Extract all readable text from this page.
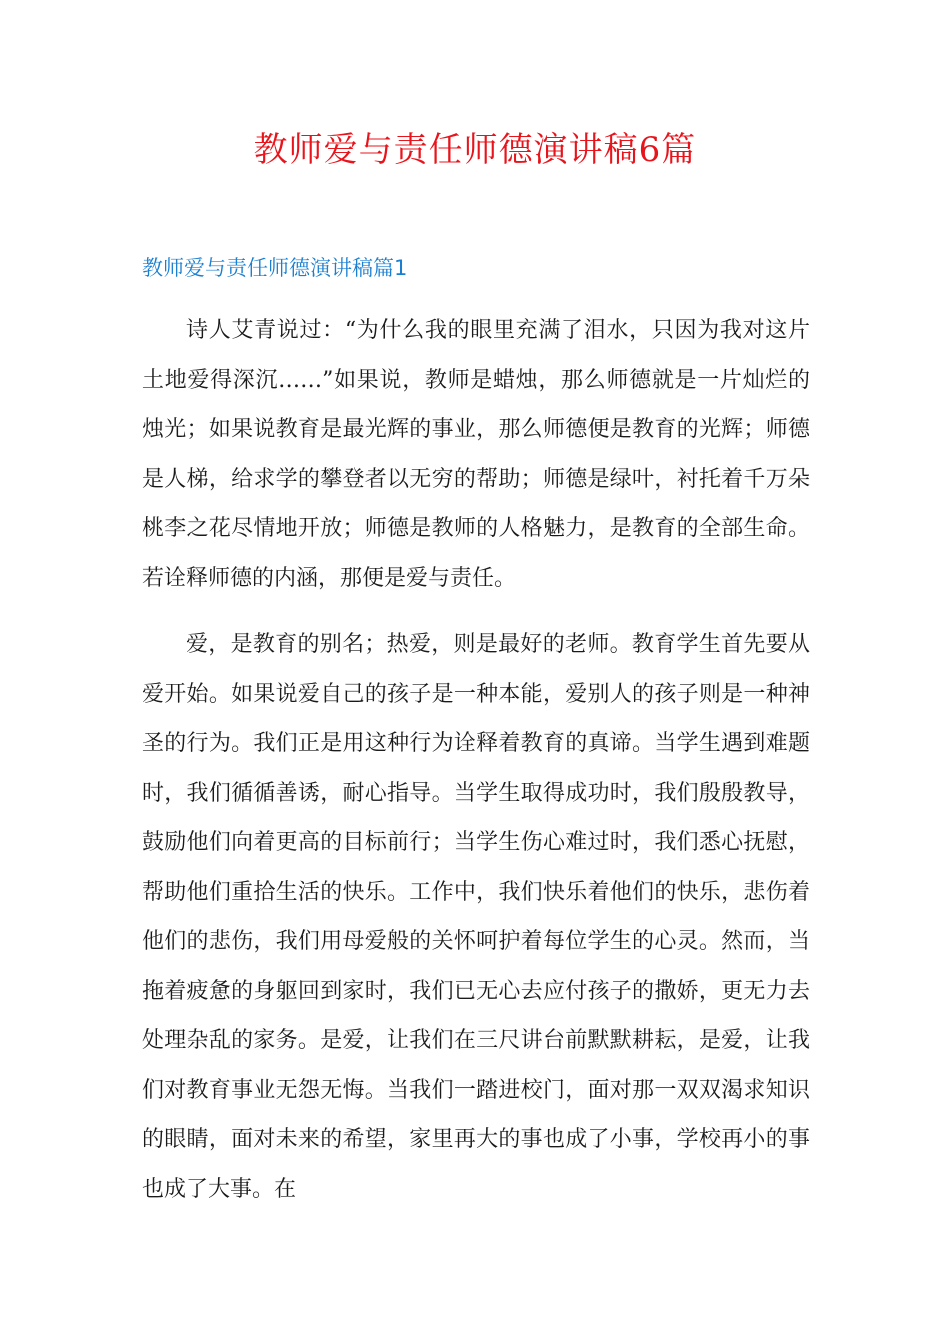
教师爱与责任师德演讲稿6篇
教师爱与责任师德演讲稿篇1

诗人艾青说过：“为什么我的眼里充满了泪水，只因为我对这片土地爱得深沉……”如果说，教师是蜡烛，那么师德就是一片灿烂的烛光；如果说教育是最光辉的事业，那么师德便是教育的光辉；师德是人梯，给求学的攀登者以无穷的帮助；师德是绿叶，衬托着千万朵桃李之花尽情地开放；师德是教师的人格魅力，是教育的全部生命。若诠释师德的内涵，那便是爱与责任。

爱，是教育的别名；热爱，则是最好的老师。教育学生首先要从爱开始。如果说爱自己的孩子是一种本能，爱别人的孩子则是一种神圣的行为。我们正是用这种行为诠释着教育的真谛。当学生遇到难题时，我们循循善诱，耐心指导。当学生取得成功时，我们殷殷教导，鼓励他们向着更高的目标前行；当学生伤心难过时，我们悉心抚慰，帮助他们重拾生活的快乐。工作中，我们快乐着他们的快乐，悲伤着他们的悲伤，我们用母爱般的关怀呵护着每位学生的心灵。然而，当拖着疲惫的身躯回到家时，我们已无心去应付孩子的撒娇，更无力去处理杂乱的家务。是爱，让我们在三尺讲台前默默耕耘，是爱，让我们对教育事业无怨无悔。当我们一踏进校门，面对那一双双渴求知识的眼睛，面对未来的希望，家里再大的事也成了小事，学校再小的事也成了大事。在
